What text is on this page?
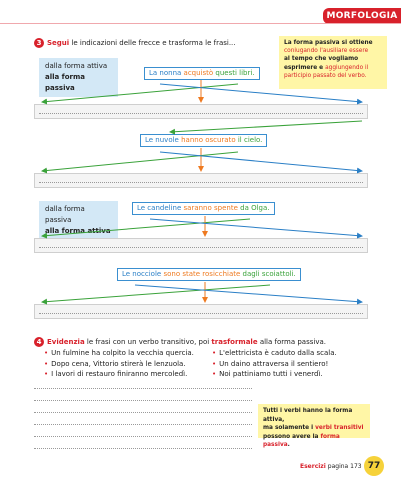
MORFOLOGIA
3 Segui le indicazioni delle frecce e trasforma le frasi...	La forma passiva si ottiene
coniugando l'ausiliare essere
al tempo che vogliamo
esprimere e aggiungendo il
participio passato del verbo.
dalla forma attiva
alla forma passiva
dalla forma passiva
alla forma attiva
La nonna acquistò questi libri.
Le nuvole hanno oscurato il cielo.
Le candeline saranno spente da Olga.
Le nocciole sono state rosicchiate dagli scoiattoli.
4 Evidenzia le frasi con un verbo transitivo, poi trasformale alla forma passiva.
• Un fulmine ha colpito la vecchia quercia.
• Dopo cena, Vittorio stirerà le lenzuola.
• I lavori di restauro finiranno mercoledì.
• L'elettricista è caduto dalla scala.
• Un daino attraversa il sentiero!
• Noi pattiniamo tutti i venerdì.
Tutti i verbi hanno la forma attiva,
ma solamente i verbi transitivi
possono avere la forma passiva.
Esercizi pagina 173 77
